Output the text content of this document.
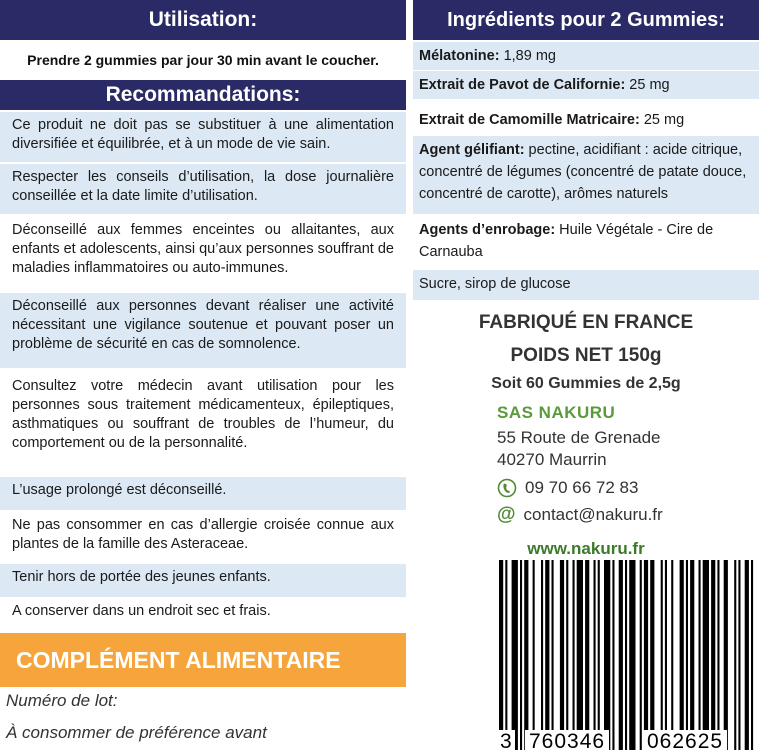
Utilisation:
Prendre 2 gummies par jour 30 min avant le coucher.
Recommandations:
Ce produit ne doit pas se substituer à une alimentation diversifiée et équilibrée, et à un mode de vie sain.
Respecter les conseils d’utilisation, la dose journalière conseillée et la date limite d’utilisation.
Déconseillé aux femmes enceintes ou allaitantes, aux enfants et adolescents, ainsi qu’aux personnes souffrant de maladies inflammatoires ou auto-immunes.
Déconseillé aux personnes devant réaliser une activité nécessitant une vigilance soutenue et pouvant poser un problème de sécurité en cas de somnolence.
Consultez votre médecin avant utilisation pour les personnes sous traitement médicamenteux, épileptiques, asthmatiques ou souffrant de troubles de l’humeur, du comportement ou de la personnalité.
L’usage prolongé est déconseillé.
Ne pas consommer en cas d’allergie croisée connue aux plantes de la famille des Asteraceae.
Tenir hors de portée des jeunes enfants.
A conserver dans un endroit sec et frais.
COMPLÉMENT ALIMENTAIRE
Numéro de lot:
À consommer de préférence avant
Ingrédients pour 2 Gummies:
Mélatonine: 1,89 mg
Extrait de Pavot de Californie: 25 mg
Extrait de Camomille Matricaire: 25 mg
Agent gélifiant: pectine, acidifiant : acide citrique, concentré de légumes (concentré de patate douce, concentré de carotte), arômes naturels
Agents d’enrobage: Huile Végétale - Cire de Carnauba
Sucre, sirop de glucose
FABRIQUÉ EN FRANCE
POIDS NET 150g
Soit 60 Gummies de 2,5g
SAS NAKURU
55 Route de Grenade
40270 Maurrin
09 70 66 72 83
@ contact@nakuru.fr
www.nakuru.fr
3 760346 062625
